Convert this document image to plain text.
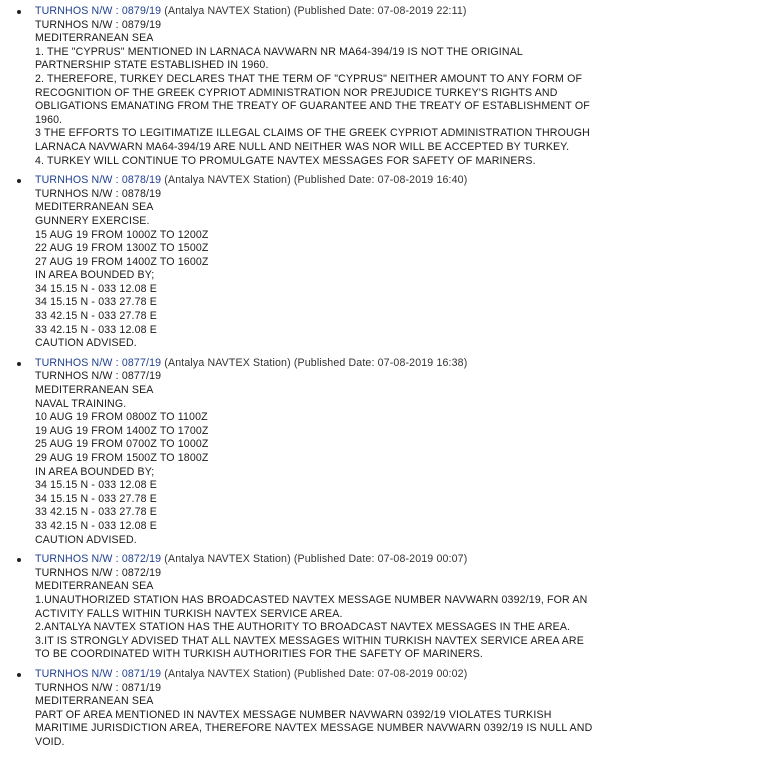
TURNHOS N/W : 0879/19 (Antalya NAVTEX Station) (Published Date: 07-08-2019 22:11)
TURNHOS N/W : 0879/19
MEDITERRANEAN SEA
1. THE "CYPRUS" MENTIONED IN LARNACA NAVWARN NR MA64-394/19 IS NOT THE ORIGINAL
PARTNERSHIP STATE ESTABLISHED IN 1960.
2. THEREFORE, TURKEY DECLARES THAT THE TERM OF "CYPRUS" NEITHER AMOUNT TO ANY FORM OF
RECOGNITION OF THE GREEK CYPRIOT ADMINISTRATION NOR PREJUDICE TURKEY'S RIGHTS AND
OBLIGATIONS EMANATING FROM THE TREATY OF GUARANTEE AND THE TREATY OF ESTABLISHMENT OF
1960.
3 THE EFFORTS TO LEGITIMATIZE ILLEGAL CLAIMS OF THE GREEK CYPRIOT ADMINISTRATION THROUGH
LARNACA NAVWARN MA64-394/19 ARE NULL AND NEITHER WAS NOR WILL BE ACCEPTED BY TURKEY.
4. TURKEY WILL CONTINUE TO PROMULGATE NAVTEX MESSAGES FOR SAFETY OF MARINERS.
TURNHOS N/W : 0878/19 (Antalya NAVTEX Station) (Published Date: 07-08-2019 16:40)
TURNHOS N/W : 0878/19
MEDITERRANEAN SEA
GUNNERY EXERCISE.
15 AUG 19 FROM 1000Z TO 1200Z
22 AUG 19 FROM 1300Z TO 1500Z
27 AUG 19 FROM 1400Z TO 1600Z
IN AREA BOUNDED BY;
34 15.15 N - 033 12.08 E
34 15.15 N - 033 27.78 E
33 42.15 N - 033 27.78 E
33 42.15 N - 033 12.08 E
CAUTION ADVISED.
TURNHOS N/W : 0877/19 (Antalya NAVTEX Station) (Published Date: 07-08-2019 16:38)
TURNHOS N/W : 0877/19
MEDITERRANEAN SEA
NAVAL TRAINING.
10 AUG 19 FROM 0800Z TO 1100Z
19 AUG 19 FROM 1400Z TO 1700Z
25 AUG 19 FROM 0700Z TO 1000Z
29 AUG 19 FROM 1500Z TO 1800Z
IN AREA BOUNDED BY;
34 15.15 N - 033 12.08 E
34 15.15 N - 033 27.78 E
33 42.15 N - 033 27.78 E
33 42.15 N - 033 12.08 E
CAUTION ADVISED.
TURNHOS N/W : 0872/19 (Antalya NAVTEX Station) (Published Date: 07-08-2019 00:07)
TURNHOS N/W : 0872/19
MEDITERRANEAN SEA
1.UNAUTHORIZED STATION HAS BROADCASTED NAVTEX MESSAGE NUMBER NAVWARN 0392/19, FOR AN
ACTIVITY FALLS WITHIN TURKISH NAVTEX SERVICE AREA.
2.ANTALYA NAVTEX STATION HAS THE AUTHORITY TO BROADCAST NAVTEX MESSAGES IN THE AREA.
3.IT IS STRONGLY ADVISED THAT ALL NAVTEX MESSAGES WITHIN TURKISH NAVTEX SERVICE AREA ARE
TO BE COORDINATED WITH TURKISH AUTHORITIES FOR THE SAFETY OF MARINERS.
TURNHOS N/W : 0871/19 (Antalya NAVTEX Station) (Published Date: 07-08-2019 00:02)
TURNHOS N/W : 0871/19
MEDITERRANEAN SEA
PART OF AREA MENTIONED IN NAVTEX MESSAGE NUMBER NAVWARN 0392/19 VIOLATES TURKISH
MARITIME JURISDICTION AREA, THEREFORE NAVTEX MESSAGE NUMBER NAVWARN 0392/19 IS NULL AND
VOID.
